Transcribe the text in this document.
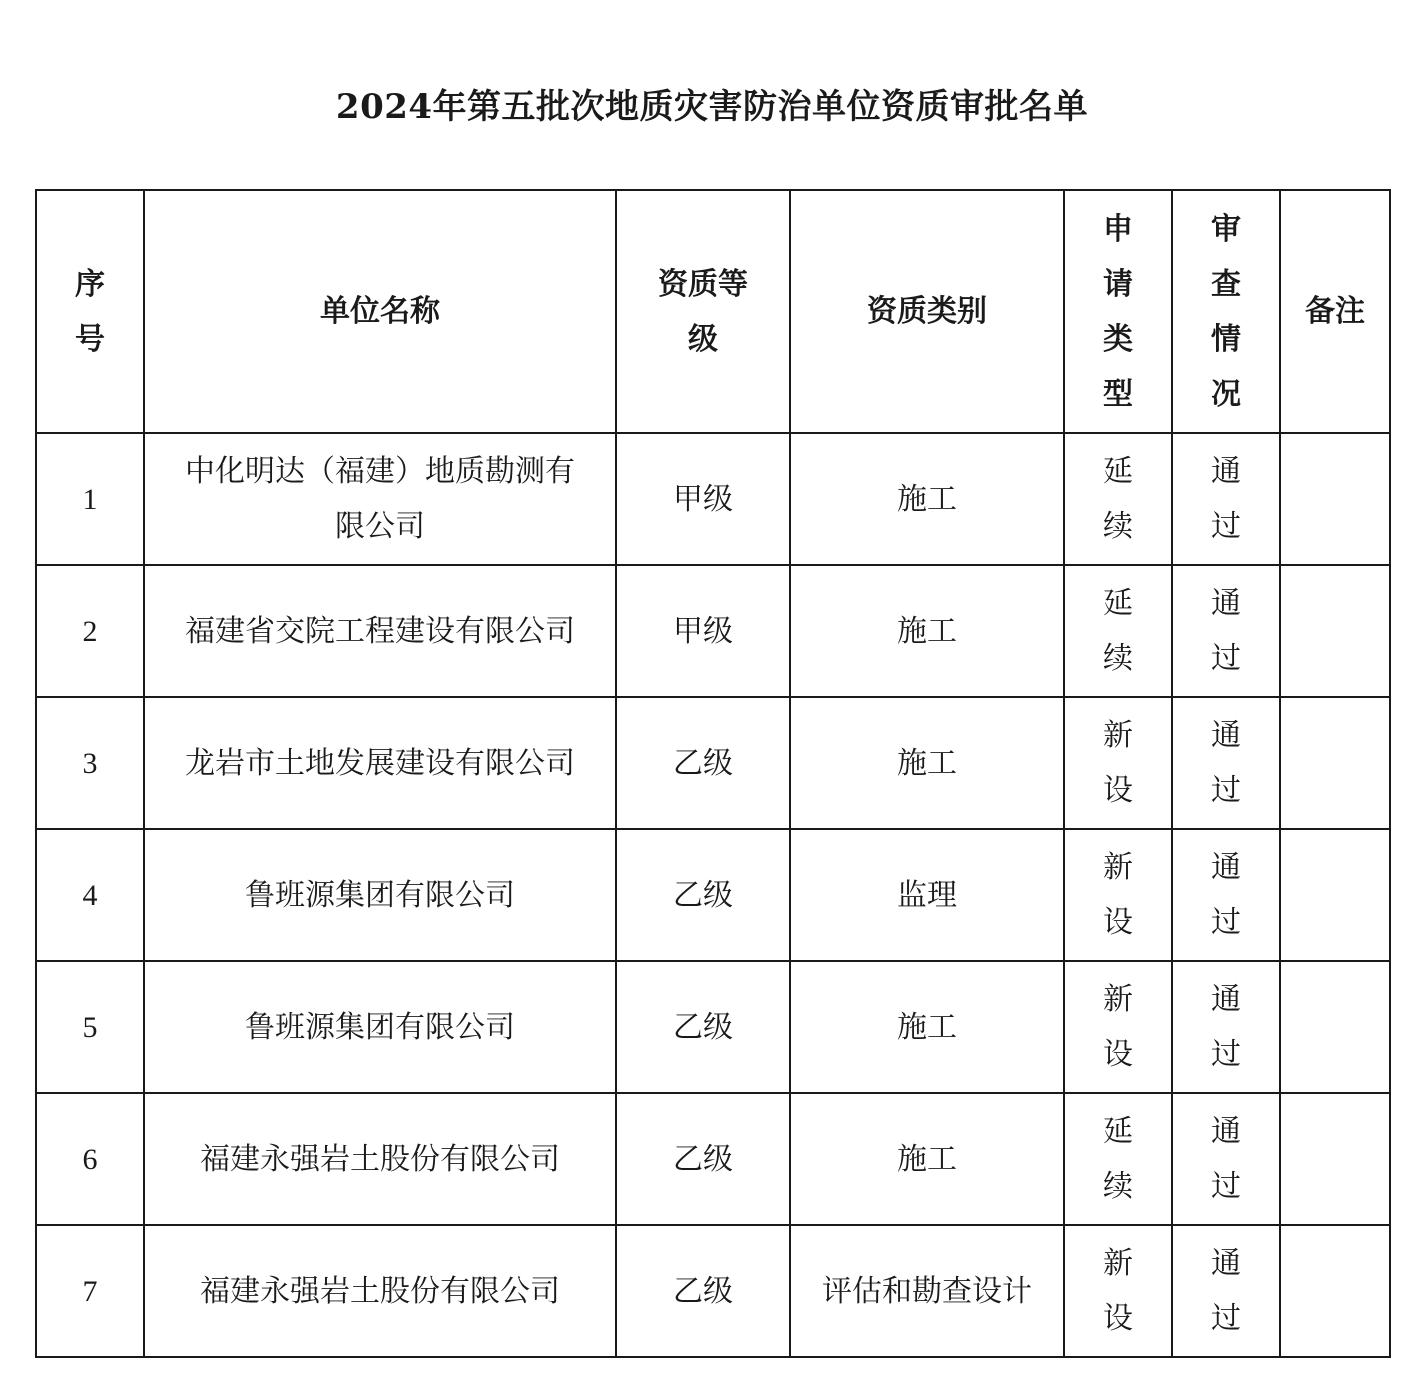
2024年第五批次地质灾害防治单位资质审批名单
序号	单位名称	资质等级	资质类别	申请类型	审查情况	备注
1	中化明达（福建）地质勘测有限公司	甲级	施工	延续	通过	
2	福建省交院工程建设有限公司	甲级	施工	延续	通过	
3	龙岩市土地发展建设有限公司	乙级	施工	新设	通过	
4	鲁班源集团有限公司	乙级	监理	新设	通过	
5	鲁班源集团有限公司	乙级	施工	新设	通过	
6	福建永强岩土股份有限公司	乙级	施工	延续	通过	
7	福建永强岩土股份有限公司	乙级	评估和勘查设计	新设	通过	
